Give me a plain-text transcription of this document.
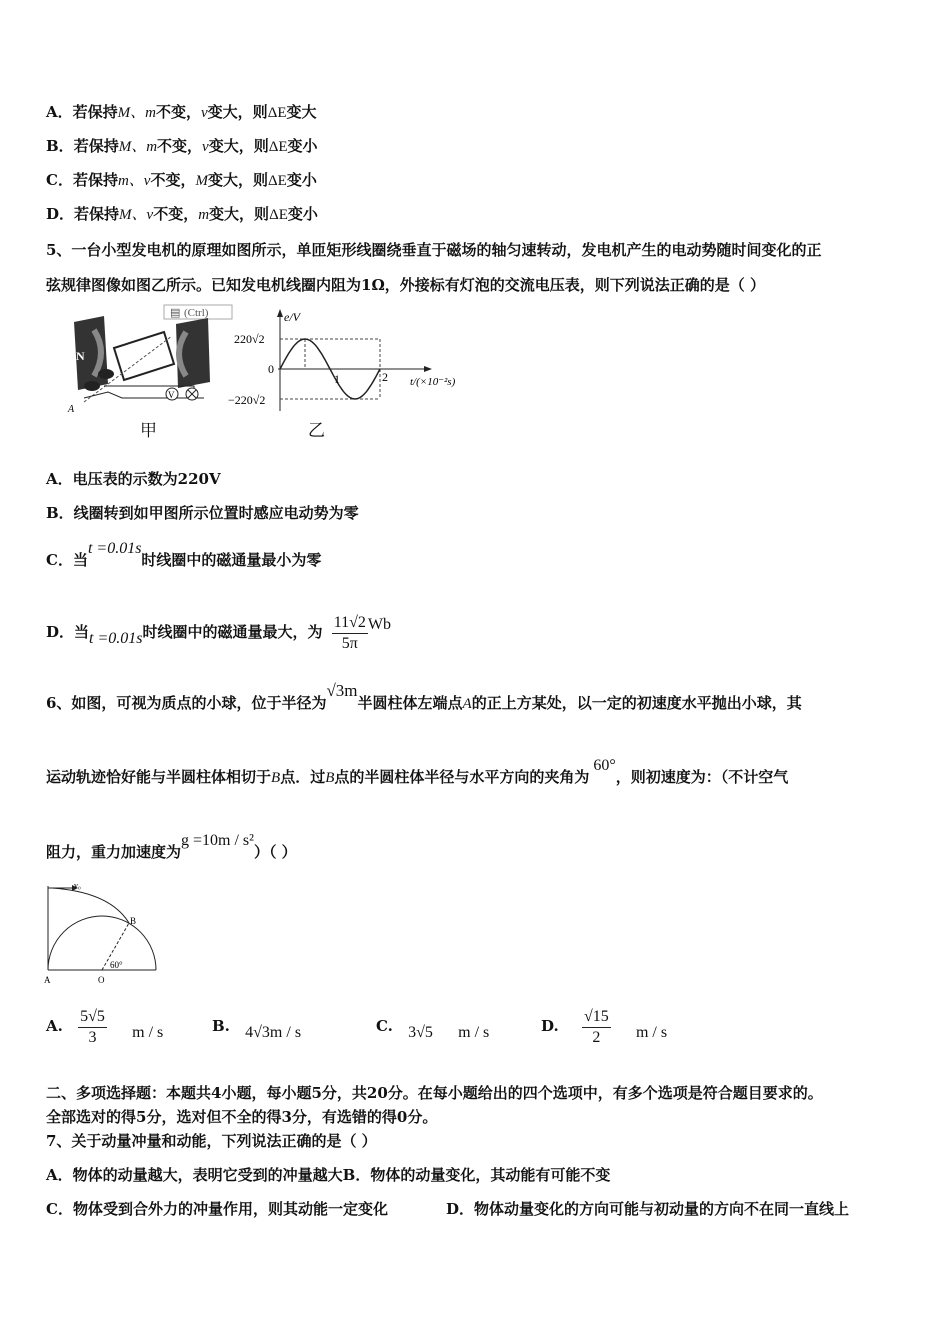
A．若保持M、m不变，v变大，则ΔE变大
B．若保持M、m不变，v变大，则ΔE变小
C．若保持m、v不变，M变大，则ΔE变小
D．若保持M、v不变，m变大，则ΔE变小
5、一台小型发电机的原理如图所示，单匝矩形线圈绕垂直于磁场的轴匀速转动，发电机产生的电动势随时间变化的正
弦规律图像如图乙所示。已知发电机线圈内阻为1Ω，外接标有灯泡的交流电压表，则下列说法正确的是（ ）
▤ (Ctrl)
N
V
A
e/V
220√2
−220√2
0
1	2 t/(×10⁻²s)
甲	乙
A．电压表的示数为220V
B．线圈转到如甲图所示位置时感应电动势为零
C．当t =0.01s时线圈中的磁通量最小为零
D．当t =0.01s时线圈中的磁通量最大，为 $\frac{11√2}{5\pi}$ Wb
6、如图，可视为质点的小球，位于半径为√3m半圆柱体左端点A的正上方某处，以一定的初速度水平抛出小球，其
运动轨迹恰好能与半圆柱体相切于B点．过B点的半圆柱体半径与水平方向的夹角为60°，则初速度为：（不计空气
阻力，重力加速度为g =10m / s²）（ ）
v₀
B
A	O
60°
A. $\frac{5√5}{3}$ m / s	B. 4√3m / s	C. 3√5 m / s	D. $\frac{√15}{2}$ m / s
二、多项选择题：本题共4小题，每小题5分，共20分。在每小题给出的四个选项中，有多个选项是符合题目要求的。
全部选对的得5分，选对但不全的得3分，有选错的得0分。
7、关于动量冲量和动能，下列说法正确的是（ ）
A．物体的动量越大，表明它受到的冲量越大B．物体的动量变化，其动能有可能不变
C．物体受到合外力的冲量作用，则其动能一定变化	D．物体动量变化的方向可能与初动量的方向不在同一直线上
